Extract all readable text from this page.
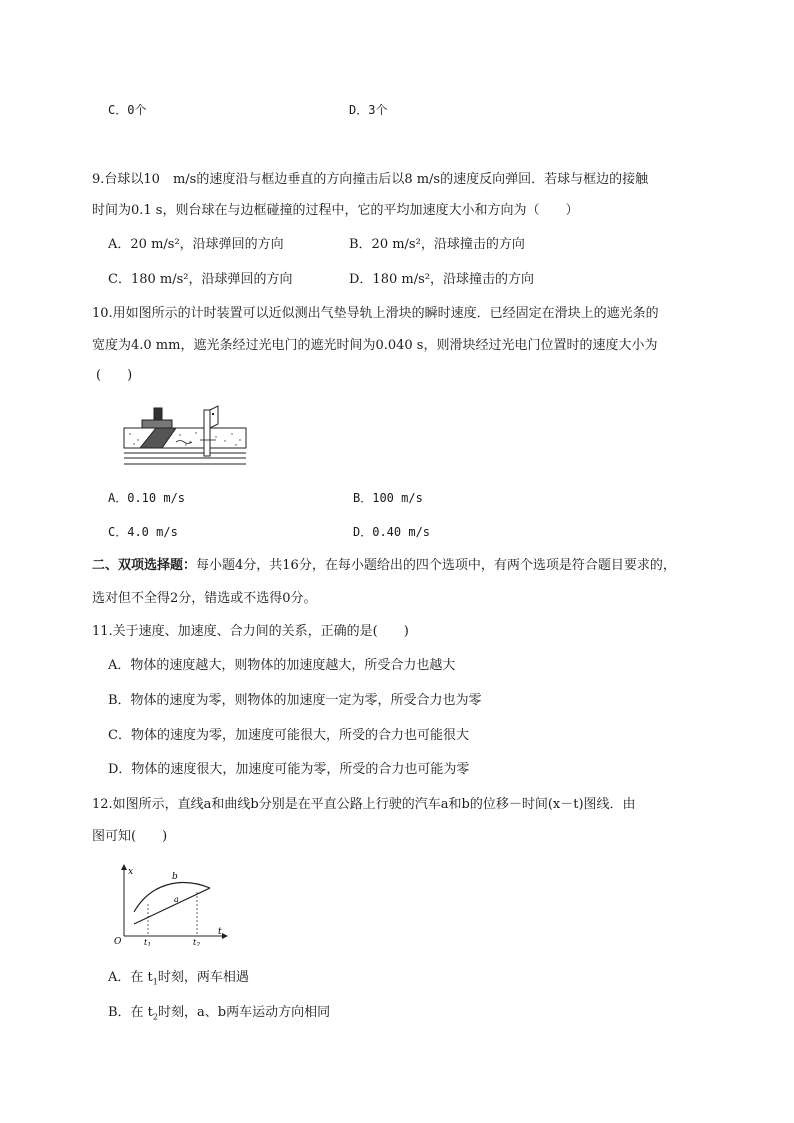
C．0个	D．3个
9.台球以10　m/s的速度沿与框边垂直的方向撞击后以8 m/s的速度反向弹回．若球与框边的接触
时间为0.1 s，则台球在与边框碰撞的过程中，它的平均加速度大小和方向为（　　）
A．20 m/s²，沿球弹回的方向	B．20 m/s²，沿球撞击的方向
C．180 m/s²，沿球弹回的方向	D．180 m/s²，沿球撞击的方向
10.用如图所示的计时装置可以近似测出气垫导轨上滑块的瞬时速度．已经固定在滑块上的遮光条的
宽度为4.0 mm，遮光条经过光电门的遮光时间为0.040 s，则滑块经过光电门位置时的速度大小为
(　　)
A．0.10 m/s	B．100 m/s
C．4.0 m/s	D．0.40 m/s
二、双项选择题：每小题4分，共16分，在每小题给出的四个选项中，有两个选项是符合题目要求的，
选对但不全得2分，错选或不选得0分。
11.关于速度、加速度、合力间的关系，正确的是(　　)
A．物体的速度越大，则物体的加速度越大，所受合力也越大
B．物体的速度为零，则物体的加速度一定为零，所受合力也为零
C．物体的速度为零，加速度可能很大，所受的合力也可能很大
D．物体的速度很大，加速度可能为零，所受的合力也可能为零
12.如图所示，直线a和曲线b分别是在平直公路上行驶的汽车a和b的位移－时间(x－t)图线．由
图可知(　　)
x
t
O
b
a
$t_1$	$t_2$
A．在 $t_1$时刻，两车相遇
B．在 $t_2$时刻，a、b两车运动方向相同
